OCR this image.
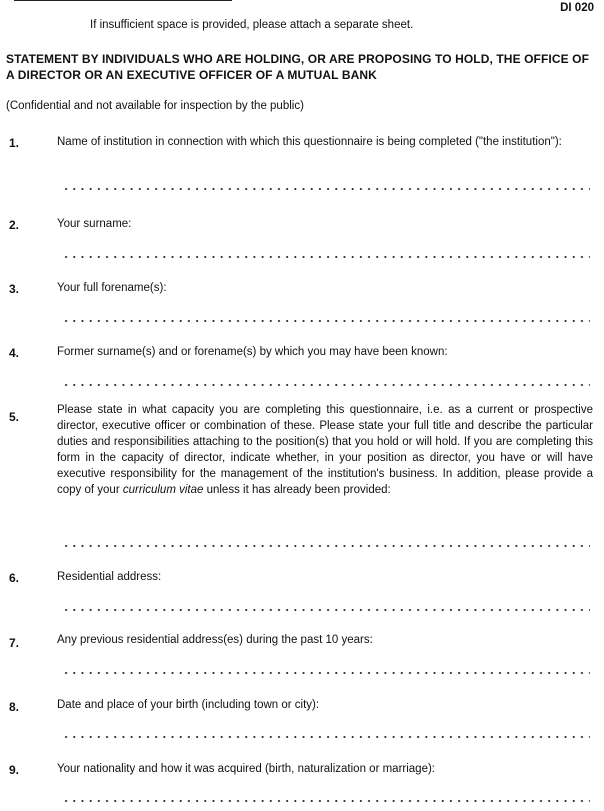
DI 020
If insufficient space is provided, please attach a separate sheet.
STATEMENT BY INDIVIDUALS WHO ARE HOLDING, OR ARE PROPOSING TO HOLD, THE OFFICE OF A DIRECTOR OR AN EXECUTIVE OFFICER OF A MUTUAL BANK
(Confidential and not available for inspection by the public)
1.	Name of institution in connection with which this questionnaire is being completed ("the institution"):
2.	Your surname:
3.	Your full forename(s):
4.	Former surname(s) and or forename(s) by which you may have been known:
5.	Please state in what capacity you are completing this questionnaire, i.e. as a current or prospective director, executive officer or combination of these. Please state your full title and describe the particular duties and responsibilities attaching to the position(s) that you hold or will hold. If you are completing this form in the capacity of director, indicate whether, in your position as director, you have or will have executive responsibility for the management of the institution's business. In addition, please provide a copy of your curriculum vitae unless it has already been provided:
6.	Residential address:
7.	Any previous residential address(es) during the past 10 years:
8.	Date and place of your birth (including town or city):
9.	Your nationality and how it was acquired (birth, naturalization or marriage):
